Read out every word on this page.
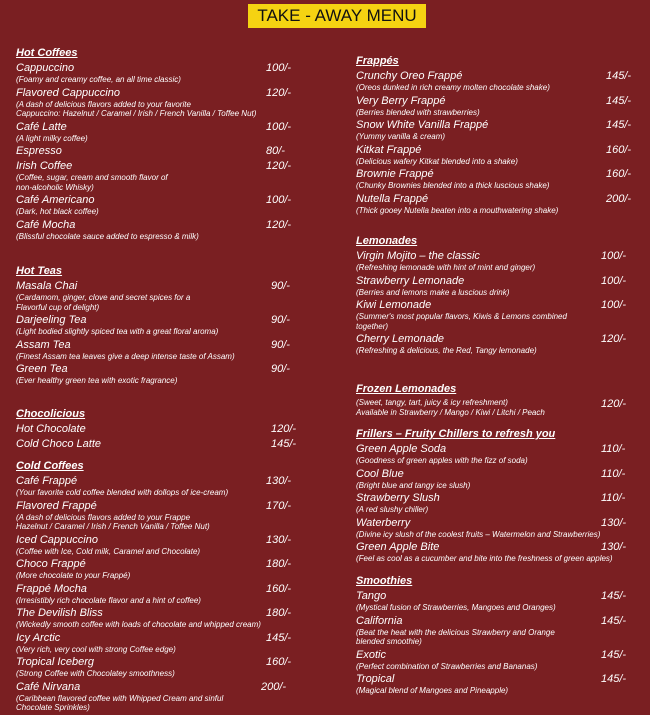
TAKE - AWAY MENU
Hot Coffees
Cappuccino
(Foamy and creamy coffee, an all time classic)
100/-
Flavored Cappuccino
(A dash of delicious flavors added to your favorite
Cappuccino: Hazelnut / Caramel / Irish / French Vanilla / Toffee Nut)
120/-
Café Latte
(A light milky coffee)
100/-
Espresso	80/-
Irish Coffee
(Coffee, sugar, cream and smooth flavor of
non-alcoholic Whisky)
120/-
Café Americano
(Dark, hot black coffee)
100/-
Café Mocha
(Blissful chocolate sauce added to espresso & milk)
120/-
Hot Teas
Masala Chai
(Cardamom, ginger, clove and secret spices for a
Flavorful cup of delight)
90/-
Darjeeling Tea
(Light bodied slightly spiced tea with a great floral aroma)
90/-
Assam Tea
(Finest Assam tea leaves give a deep intense taste of Assam)
90/-
Green Tea
(Ever healthy green tea with exotic fragrance)
90/-
Chocolicious
Hot Chocolate	120/-
Cold Choco Latte	145/-
Cold Coffees
Café Frappé
(Your favorite cold coffee blended with dollops of ice-cream)
130/-
Flavored Frappé
(A dash of delicious flavors added to your Frappe
Hazelnut / Caramel / Irish / French Vanilla / Toffee Nut)
170/-
Iced Cappuccino
(Coffee with Ice, Cold milk, Caramel and Chocolate)
130/-
Choco Frappé
(More chocolate to your Frappé)
180/-
Frappé Mocha
(Irresistibly rich chocolate flavor and a hint of coffee)
160/-
The Devilish Bliss
(Wickedly smooth coffee with loads of chocolate and whipped cream)
180/-
Icy Arctic
(Very rich, very cool with strong Coffee edge)
145/-
Tropical Iceberg
(Strong Coffee with Chocolatey smoothness)
160/-
Café Nirvana
(Caribbean flavored coffee with Whipped Cream and sinful
Chocolate Sprinkles)
200/-
Frappés
Crunchy Oreo Frappé
(Oreos dunked in rich creamy molten chocolate shake)
145/-
Very Berry Frappé
(Berries blended with strawberries)
145/-
Snow White Vanilla Frappé
(Yummy vanilla & cream)
145/-
Kitkat Frappé
(Delicious wafery Kitkat blended into a shake)
160/-
Brownie Frappé
(Chunky Brownies blended into a thick luscious shake)
160/-
Nutella Frappé
(Thick gooey Nutella beaten into a mouthwatering shake)
200/-
Lemonades
Virgin Mojito – the classic
(Refreshing lemonade with hint of mint and ginger)
100/-
Strawberry Lemonade
(Berries and lemons make a luscious drink)
100/-
Kiwi Lemonade
(Summer's most popular flavors, Kiwis & Lemons combined
together)
100/-
Cherry Lemonade
(Refreshing & delicious, the Red, Tangy lemonade)
120/-
Frozen Lemonades
(Sweet, tangy, tart, juicy & icy refreshment)
Available in Strawberry / Mango / Kiwi / Litchi / Peach
120/-
Frillers – Fruity Chillers to refresh you
Green Apple Soda
(Goodness of green apples with the fizz of soda)
110/-
Cool Blue
(Bright blue and tangy ice slush)
110/-
Strawberry Slush
(A red slushy chiller)
110/-
Waterberry
(Divine icy slush of the coolest fruits – Watermelon and Strawberries)
130/-
Green Apple Bite
(Feel as cool as a cucumber and bite into the freshness of green apples)
130/-
Smoothies
Tango
(Mystical fusion of Strawberries, Mangoes and Oranges)
145/-
California
(Beat the heat with the delicious Strawberry and Orange
blended smoothie)
145/-
Exotic
(Perfect combination of Strawberries and Bananas)
145/-
Tropical
(Magical blend of Mangoes and Pineapple)
145/-
